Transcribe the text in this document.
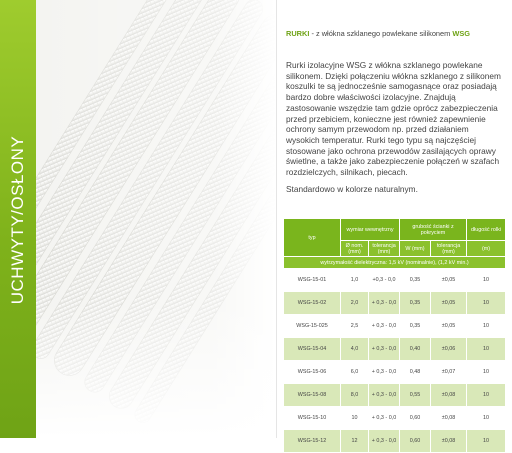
UCHWYTY/OSŁONY
RURKI - z włókna szklanego powlekane silikonem WSG

Rurki izolacyjne WSG z włókna szklanego powlekane silikonem. Dzięki połączeniu włókna szklanego z silikonem koszulki te są jednocześnie samogasnące oraz posiadają bardzo dobre właściwości izolacyjne. Znajdują zastosowanie wszędzie tam gdzie oprócz zabezpieczenia przed przebiciem, konieczne jest również zapewnienie ochrony samym przewodom np. przed działaniem wysokich temperatur. Rurki tego typu są najczęściej stosowane jako ochrona przewodów zasilających oprawy świetlne, a także jako zabezpieczenie połączeń w szafach rozdzielczych, silnikach, piecach.

Standardowo w kolorze naturalnym.

typ	wymiar wewnętrzny		grubość ścianki z pokryciem		długość rolki
	Ø nom. (mm)	tolerancja (mm)	W (mm)	tolerancja (mm)	(m)
wytrzymałość dielektryczna: 1,5 kV (nominalnie), (1,2 kV min.)					
WSG-15-01	1,0	+0,3 - 0,0	0,35	±0,05	10
WSG-15-02	2,0	+ 0,3 - 0,0	0,35	±0,05	10
WSG-15-025	2,5	+ 0,3 - 0,0	0,35	±0,05	10
WSG-15-04	4,0	+ 0,3 - 0,0	0,40	±0,06	10
WSG-15-06	6,0	+ 0,3 - 0,0	0,48	±0,07	10
WSG-15-08	8,0	+ 0,3 - 0,0	0,55	±0,08	10
WSG-15-10	10	+ 0,3 - 0,0	0,60	±0,08	10
WSG-15-12	12	+ 0,3 - 0,0	0,60	±0,08	10
